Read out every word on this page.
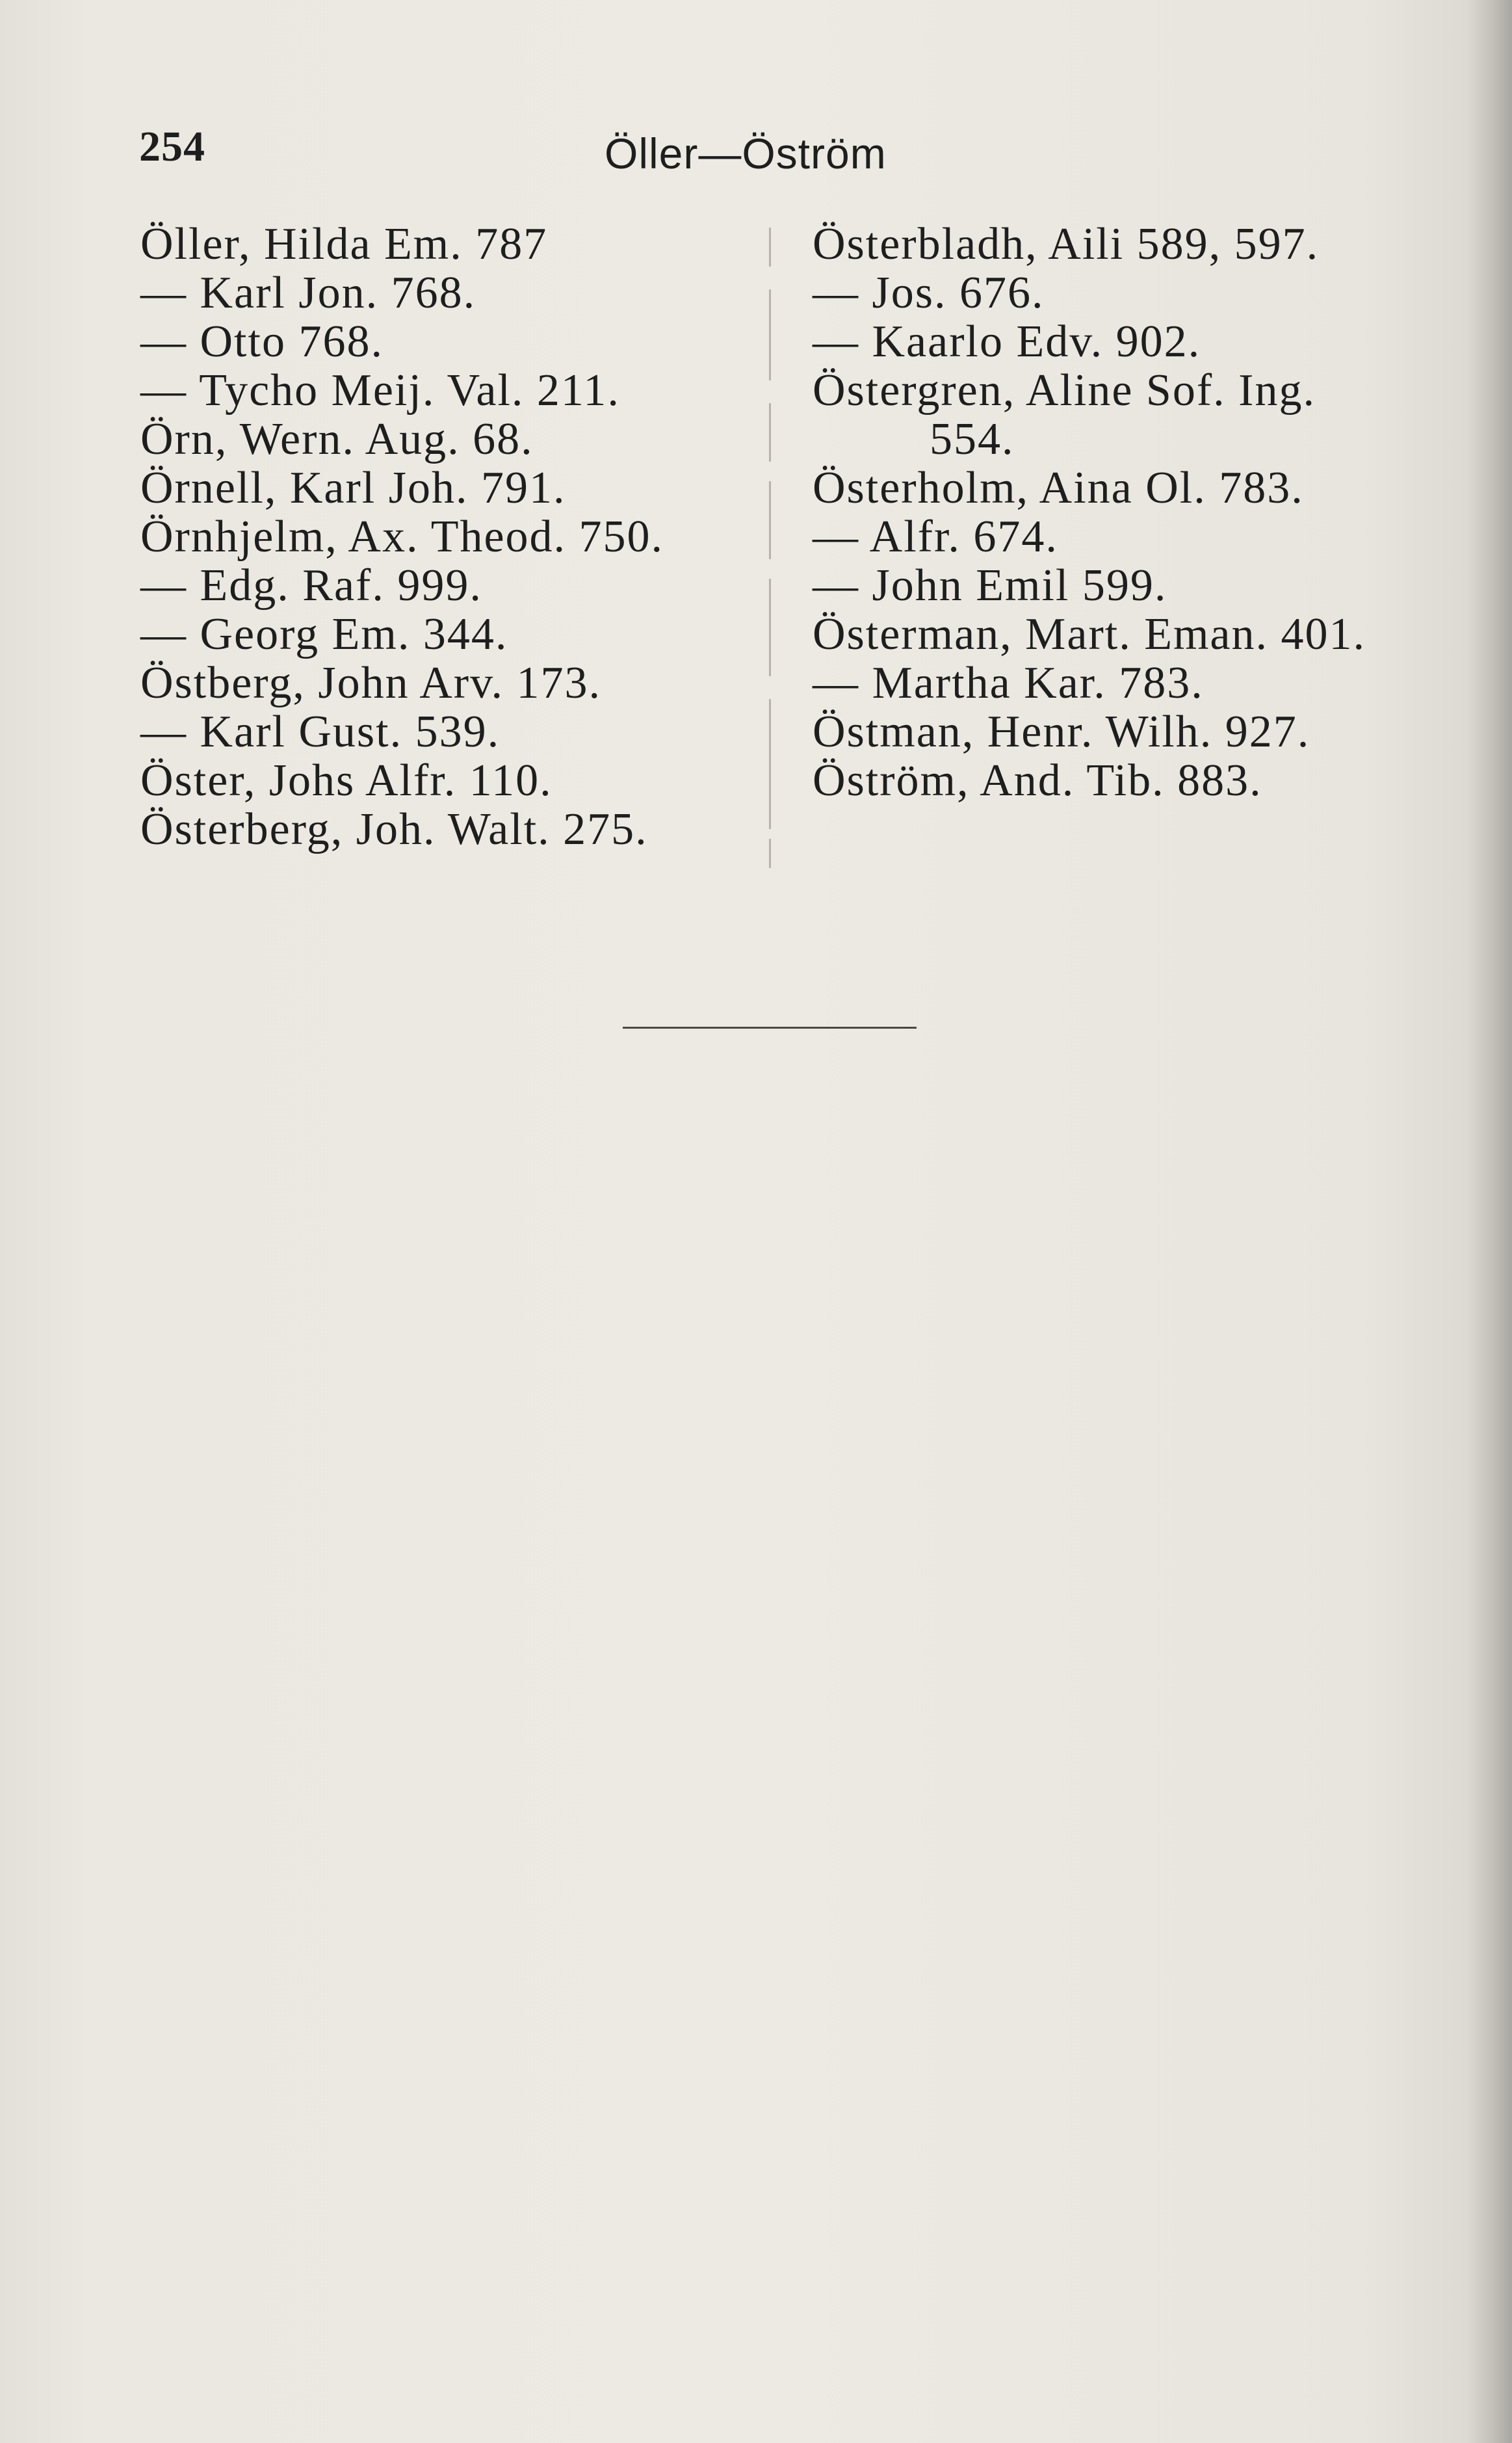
254	Öller—Öström
Öller, Hilda Em. 787
— Karl Jon. 768.
— Otto 768.
— Tycho Meij. Val. 211.
Örn, Wern. Aug. 68.
Örnell, Karl Joh. 791.
Örnhjelm, Ax. Theod. 750.
— Edg. Raf. 999.
— Georg Em. 344.
Östberg, John Arv. 173.
— Karl Gust. 539.
Öster, Johs Alfr. 110.
Österberg, Joh. Walt. 275.
Österbladh, Aili 589, 597.
— Jos. 676.
— Kaarlo Edv. 902.
Östergren, Aline Sof. Ing.
554.
Österholm, Aina Ol. 783.
— Alfr. 674.
— John Emil 599.
Österman, Mart. Eman. 401.
— Martha Kar. 783.
Östman, Henr. Wilh. 927.
Öström, And. Tib. 883.
